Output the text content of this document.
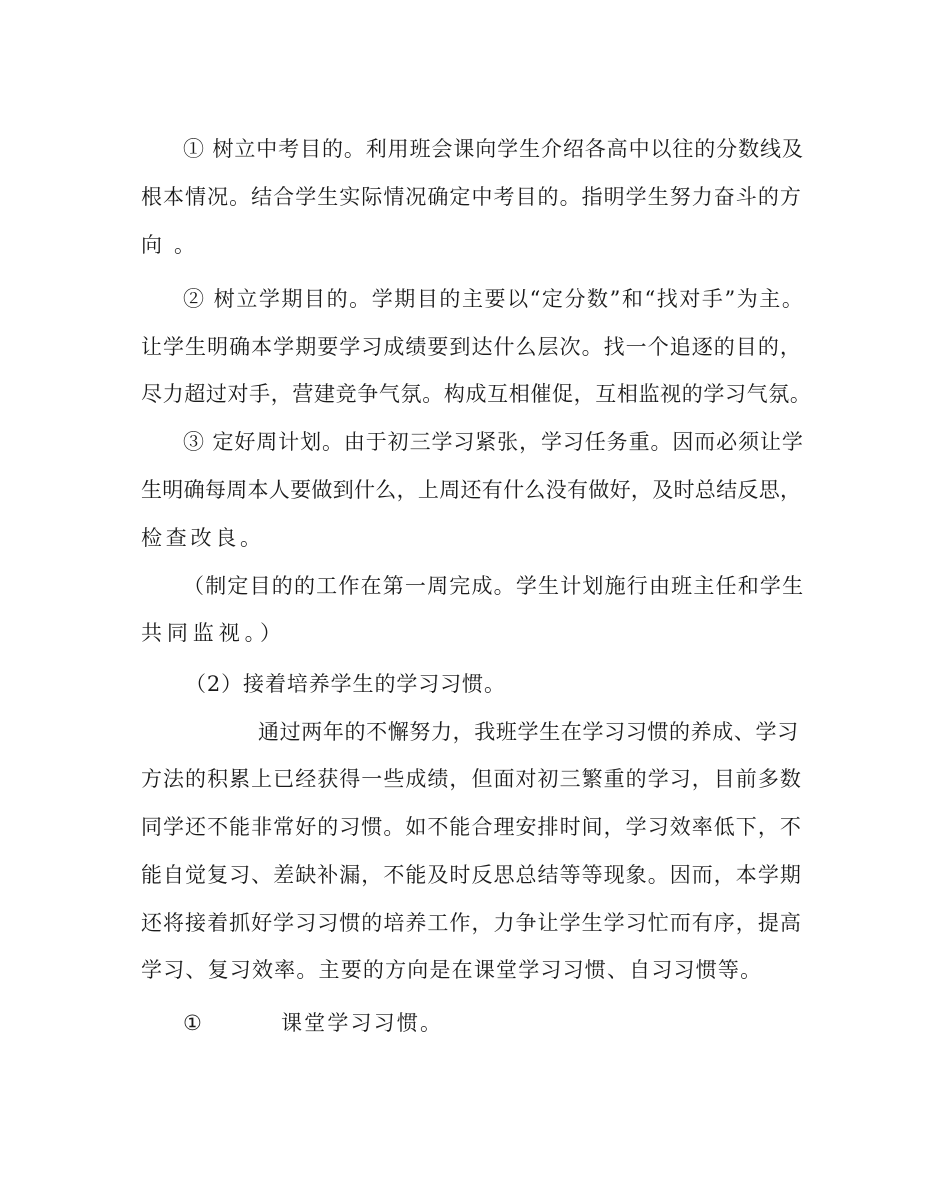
① 树立中考目的。利用班会课向学生介绍各高中以往的分数线及
根本情况。结合学生实际情况确定中考目的。指明学生努力奋斗的方
向。
② 树立学期目的。学期目的主要以“定分数”和“找对手”为主。
让学生明确本学期要学习成绩要到达什么层次。找一个追逐的目的，
尽力超过对手，营建竞争气氛。构成互相催促，互相监视的学习气氛。
③ 定好周计划。由于初三学习紧张，学习任务重。因而必须让学
生明确每周本人要做到什么，上周还有什么没有做好，及时总结反思，
检查改良。
（制定目的的工作在第一周完成。学生计划施行由班主任和学生
共同监视。）
（2）接着培养学生的学习习惯。
通过两年的不懈努力，我班学生在学习习惯的养成、学习
方法的积累上已经获得一些成绩，但面对初三繁重的学习，目前多数
同学还不能非常好的习惯。如不能合理安排时间，学习效率低下，不
能自觉复习、差缺补漏，不能及时反思总结等等现象。因而，本学期
还将接着抓好学习习惯的培养工作，力争让学生学习忙而有序，提高
学习、复习效率。主要的方向是在课堂学习习惯、自习习惯等。
①	课堂学习习惯。
